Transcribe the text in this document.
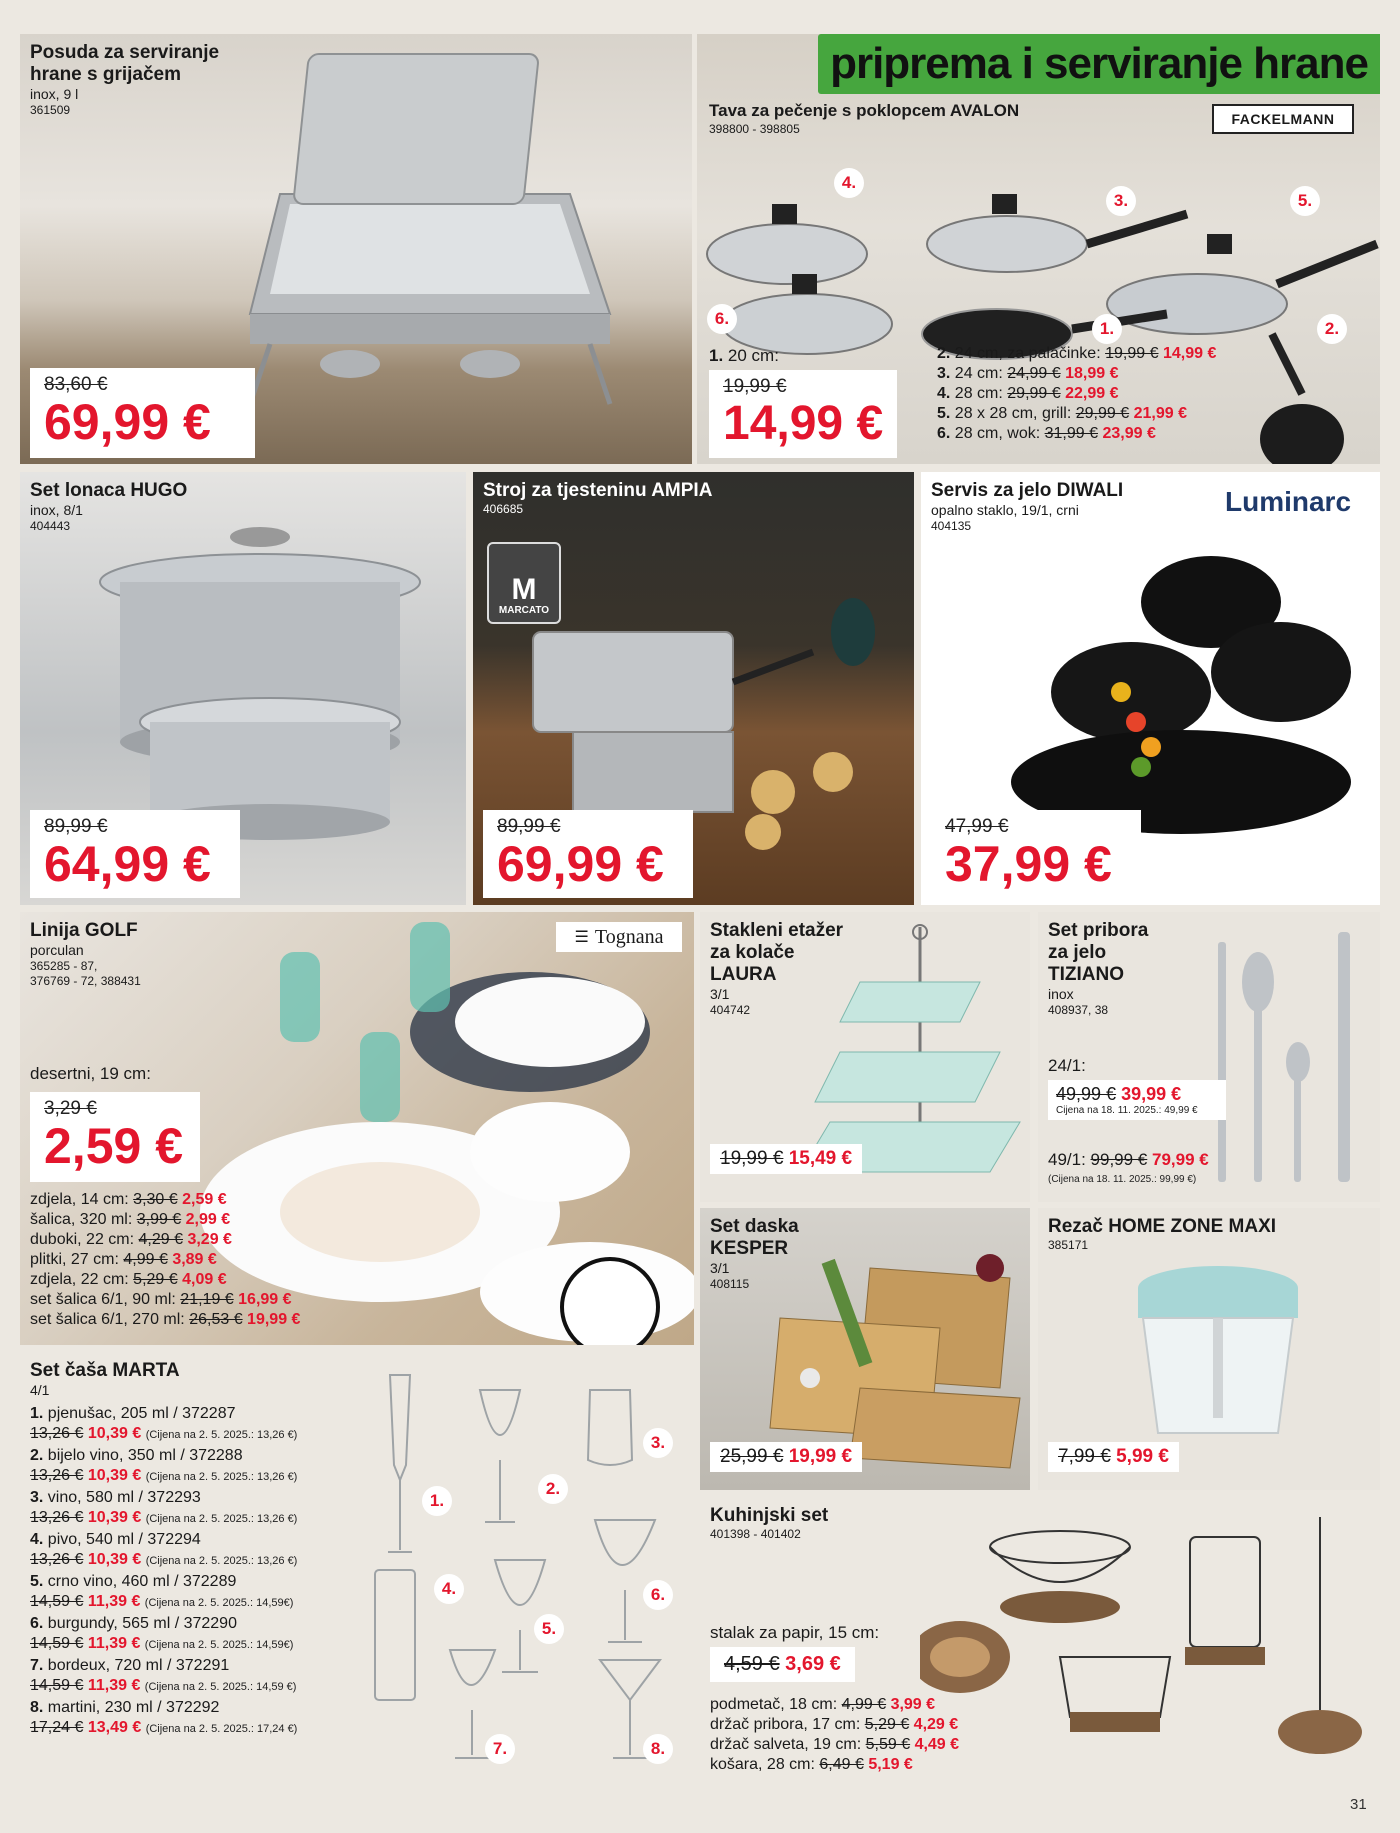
priprema i serviranje hrane
Posuda za serviranje
hrane s grijačem
inox, 9 l
361509
83,60 €
69,99 €
Tava za pečenje s poklopcem AVALON
398800 - 398805
FACKELMANN
4.
3.	5.
6.
1.	2.
1. 20 cm:
19,99 €
14,99 €
2. 24 cm, za palačinke: 19,99 € 14,99 €
3. 24 cm: 24,99 € 18,99 €
4. 28 cm: 29,99 € 22,99 €
5. 28 x 28 cm, grill: 29,99 € 21,99 €
6. 28 cm, wok: 31,99 € 23,99 €
Set lonaca HUGO
inox, 8/1
404443
89,99 €
64,99 €
Stroj za tjesteninu AMPIA
406685
M
MARCATO
89,99 €
69,99 €
Servis za jelo DIWALI
opalno staklo, 19/1, crni
404135
Luminarc
47,99 €
37,99 €
Linija GOLF
porculan
365285 - 87,
376769 - 72, 388431
☰ Tognana
desertni, 19 cm:
3,29 €
2,59 €
zdjela, 14 cm: 3,30 € 2,59 €
šalica, 320 ml: 3,99 € 2,99 €
duboki, 22 cm: 4,29 € 3,29 €
plitki, 27 cm: 4,99 € 3,89 €
zdjela, 22 cm: 5,29 € 4,09 €
set šalica 6/1, 90 ml: 21,19 € 16,99 €
set šalica 6/1, 270 ml: 26,53 € 19,99 €
Stakleni etažer
za kolače
LAURA
3/1
404742
19,99 € 15,49 €
Set pribora
za jelo
TIZIANO
inox
408937, 38
24/1:
49,99 € 39,99 €
Cijena na 18. 11. 2025.: 49,99 €
49/1: 99,99 € 79,99 €
(Cijena na 18. 11. 2025.: 99,99 €)
Set daska
KESPER
3/1
408115
25,99 € 19,99 €
Rezač HOME ZONE MAXI
385171
7,99 € 5,99 €
1.
2.
3.
4.
5.
6.
7.	8.
Set čaša MARTA
4/1
1. pjenušac, 205 ml / 372287
13,26 € 10,39 € (Cijena na 2. 5. 2025.: 13,26 €)
2. bijelo vino, 350 ml / 372288
13,26 € 10,39 € (Cijena na 2. 5. 2025.: 13,26 €)
3. vino, 580 ml / 372293
13,26 € 10,39 € (Cijena na 2. 5. 2025.: 13,26 €)
4. pivo, 540 ml / 372294
13,26 € 10,39 € (Cijena na 2. 5. 2025.: 13,26 €)
5. crno vino, 460 ml / 372289
14,59 € 11,39 € (Cijena na 2. 5. 2025.: 14,59€)
6. burgundy, 565 ml / 372290
14,59 € 11,39 € (Cijena na 2. 5. 2025.: 14,59€)
7. bordeux, 720 ml / 372291
14,59 € 11,39 € (Cijena na 2. 5. 2025.: 14,59 €)
8. martini, 230 ml / 372292
17,24 € 13,49 € (Cijena na 2. 5. 2025.: 17,24 €)
Kuhinjski set
401398 - 401402
stalak za papir, 15 cm:
4,59 € 3,69 €
podmetač, 18 cm: 4,99 € 3,99 €
držač pribora, 17 cm: 5,29 € 4,29 €
držač salveta, 19 cm: 5,59 € 4,49 €
košara, 28 cm: 6,49 € 5,19 €
31
